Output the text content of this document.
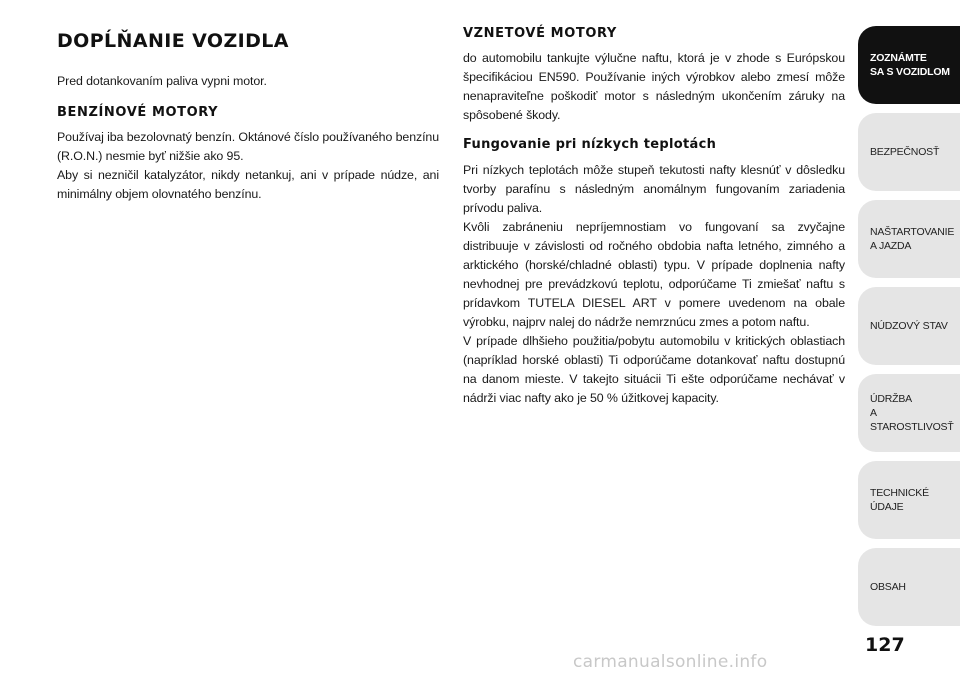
DOPĹŇANIE VOZIDLA

Pred dotankovaním paliva vypni motor.

BENZÍNOVÉ MOTORY

Používaj iba bezolovnatý benzín. Oktánové číslo používaného benzínu (R.O.N.) nesmie byť nižšie ako 95.

Aby si nezničil katalyzátor, nikdy netankuj, ani v prípade núdze, ani minimálny objem olovnatého benzínu.

VZNETOVÉ MOTORY

do automobilu tankujte výlučne naftu, ktorá je v zhode s Európskou špecifikáciou EN590. Používanie iných výrobkov alebo zmesí môže nenapraviteľne poškodiť motor s následným ukončením záruky na spôsobené škody.

Fungovanie pri nízkych teplotách

Pri nízkych teplotách môže stupeň tekutosti nafty klesnúť v dôsledku tvorby parafínu s následným anomálnym fungovaním zariadenia prívodu paliva.

Kvôli zabráneniu nepríjemnostiam vo fungovaní sa zvyčajne distribuuje v závislosti od ročného obdobia nafta letného, zimného a arktického (horské/chladné oblasti) typu. V prípade doplnenia nafty nevhodnej pre prevádzkovú teplotu, odporúčame Ti zmiešať naftu s prídavkom TUTELA DIESEL ART v pomere uvedenom na obale výrobku, najprv nalej do nádrže nemrznúcu zmes a potom naftu.

V prípade dlhšieho použitia/pobytu automobilu v kritických oblastiach (napríklad horské oblasti) Ti odporúčame dotankovať naftu dostupnú na danom mieste. V takejto situácii Ti ešte odporúčame nechávať v nádrži viac nafty ako je 50 % úžitkovej kapacity.

ZOZNÁMTE
SA S VOZIDLOM
BEZPEČNOSŤ
NAŠTARTOVANIE
A JAZDA
NÚDZOVÝ STAV
ÚDRŽBA
A STAROSTLIVOSŤ
TECHNICKÉ
ÚDAJE
OBSAH
127
carmanualsonline.info
